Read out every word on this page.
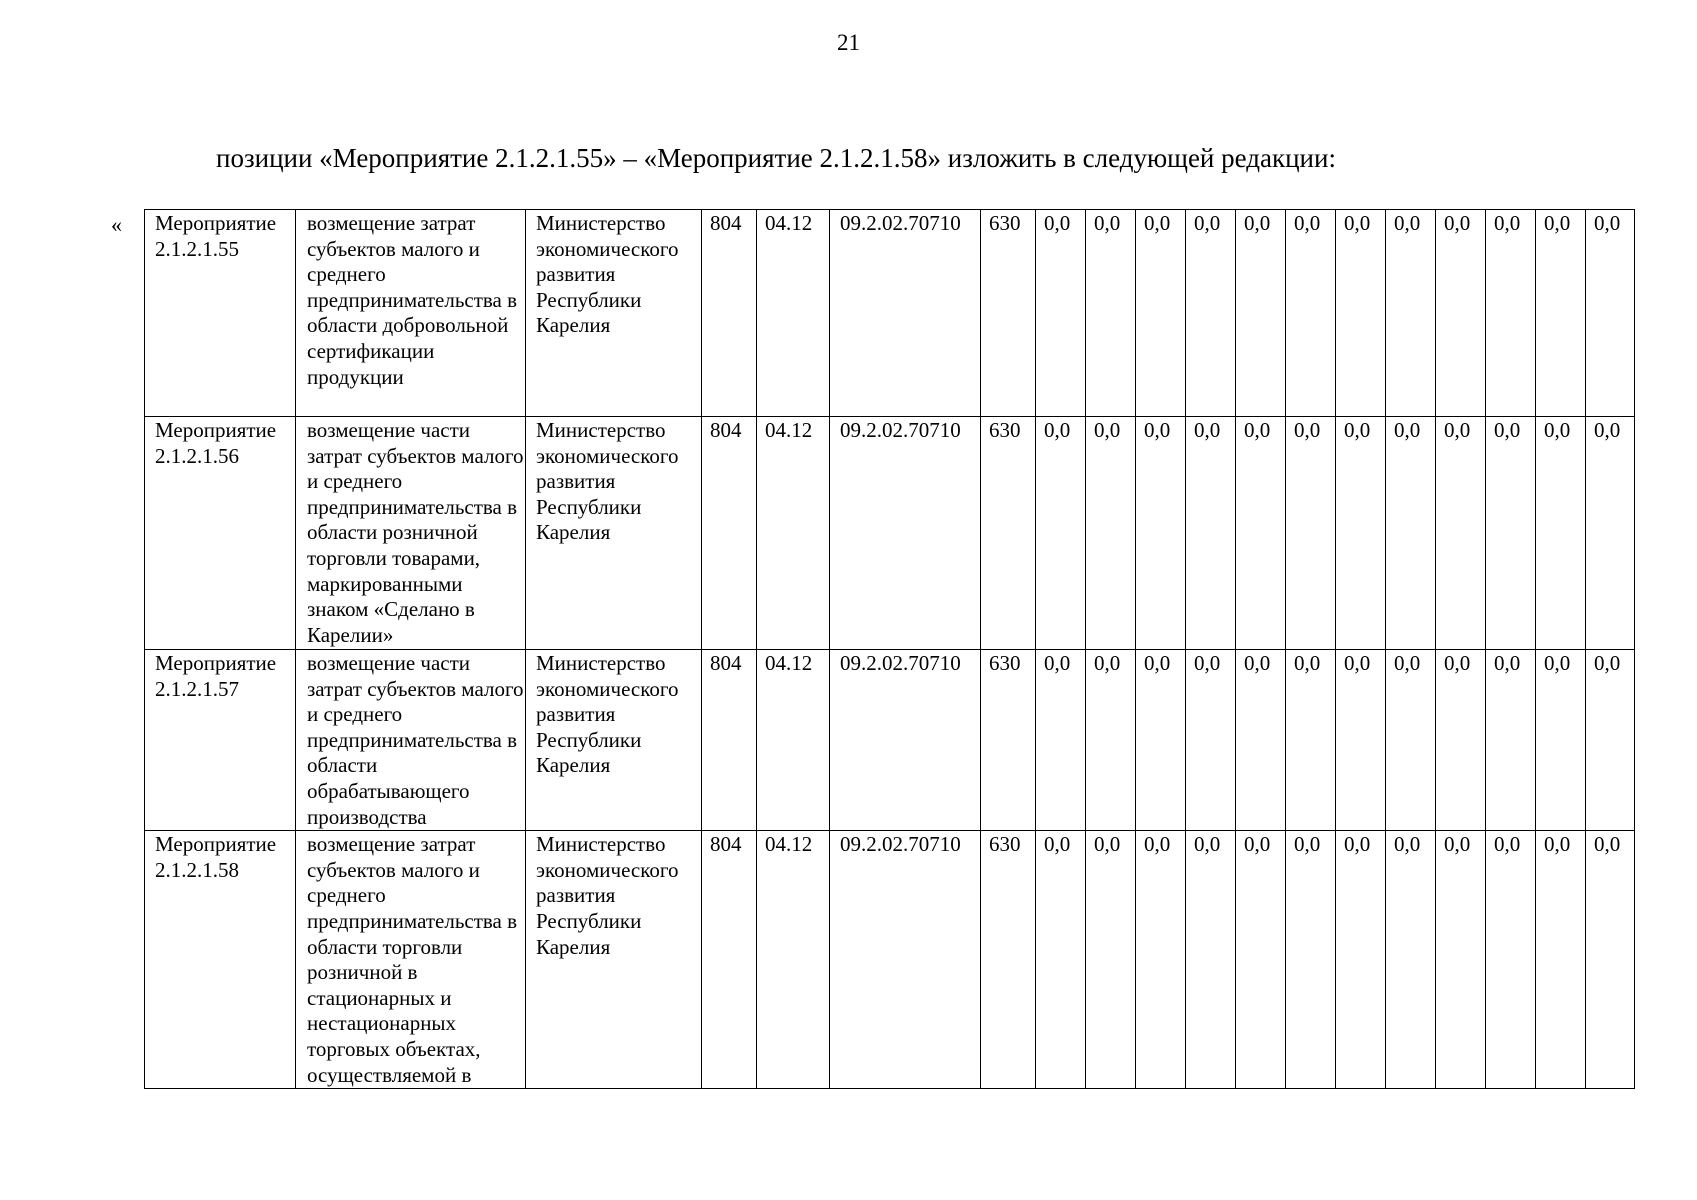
21
позиции «Мероприятие 2.1.2.1.55» – «Мероприятие 2.1.2.1.58» изложить в следующей редакции:
« Мероприятие 2.1.2.1.55	возмещение затрат субъектов малого и среднего предпринимательства в области добровольной сертификации продукции	Министерство экономического развития Республики Карелия	804	04.12	09.2.02.70710	630	0,0	0,0	0,0	0,0	0,0	0,0	0,0	0,0	0,0	0,0	0,0	0,0
Мероприятие 2.1.2.1.56	возмещение части затрат субъектов малого и среднего предпринимательства в области розничной торговли товарами, маркированными знаком «Сделано в Карелии»	Министерство экономического развития Республики Карелия	804	04.12	09.2.02.70710	630	0,0	0,0	0,0	0,0	0,0	0,0	0,0	0,0	0,0	0,0	0,0	0,0
Мероприятие 2.1.2.1.57	возмещение части затрат субъектов малого и среднего предпринимательства в области обрабатывающего производства	Министерство экономического развития Республики Карелия	804	04.12	09.2.02.70710	630	0,0	0,0	0,0	0,0	0,0	0,0	0,0	0,0	0,0	0,0	0,0	0,0
Мероприятие 2.1.2.1.58	возмещение затрат субъектов малого и среднего предпринимательства в области торговли розничной в стационарных и нестационарных торговых объектах, осуществляемой в	Министерство экономического развития Республики Карелия	804	04.12	09.2.02.70710	630	0,0	0,0	0,0	0,0	0,0	0,0	0,0	0,0	0,0	0,0	0,0	0,0
